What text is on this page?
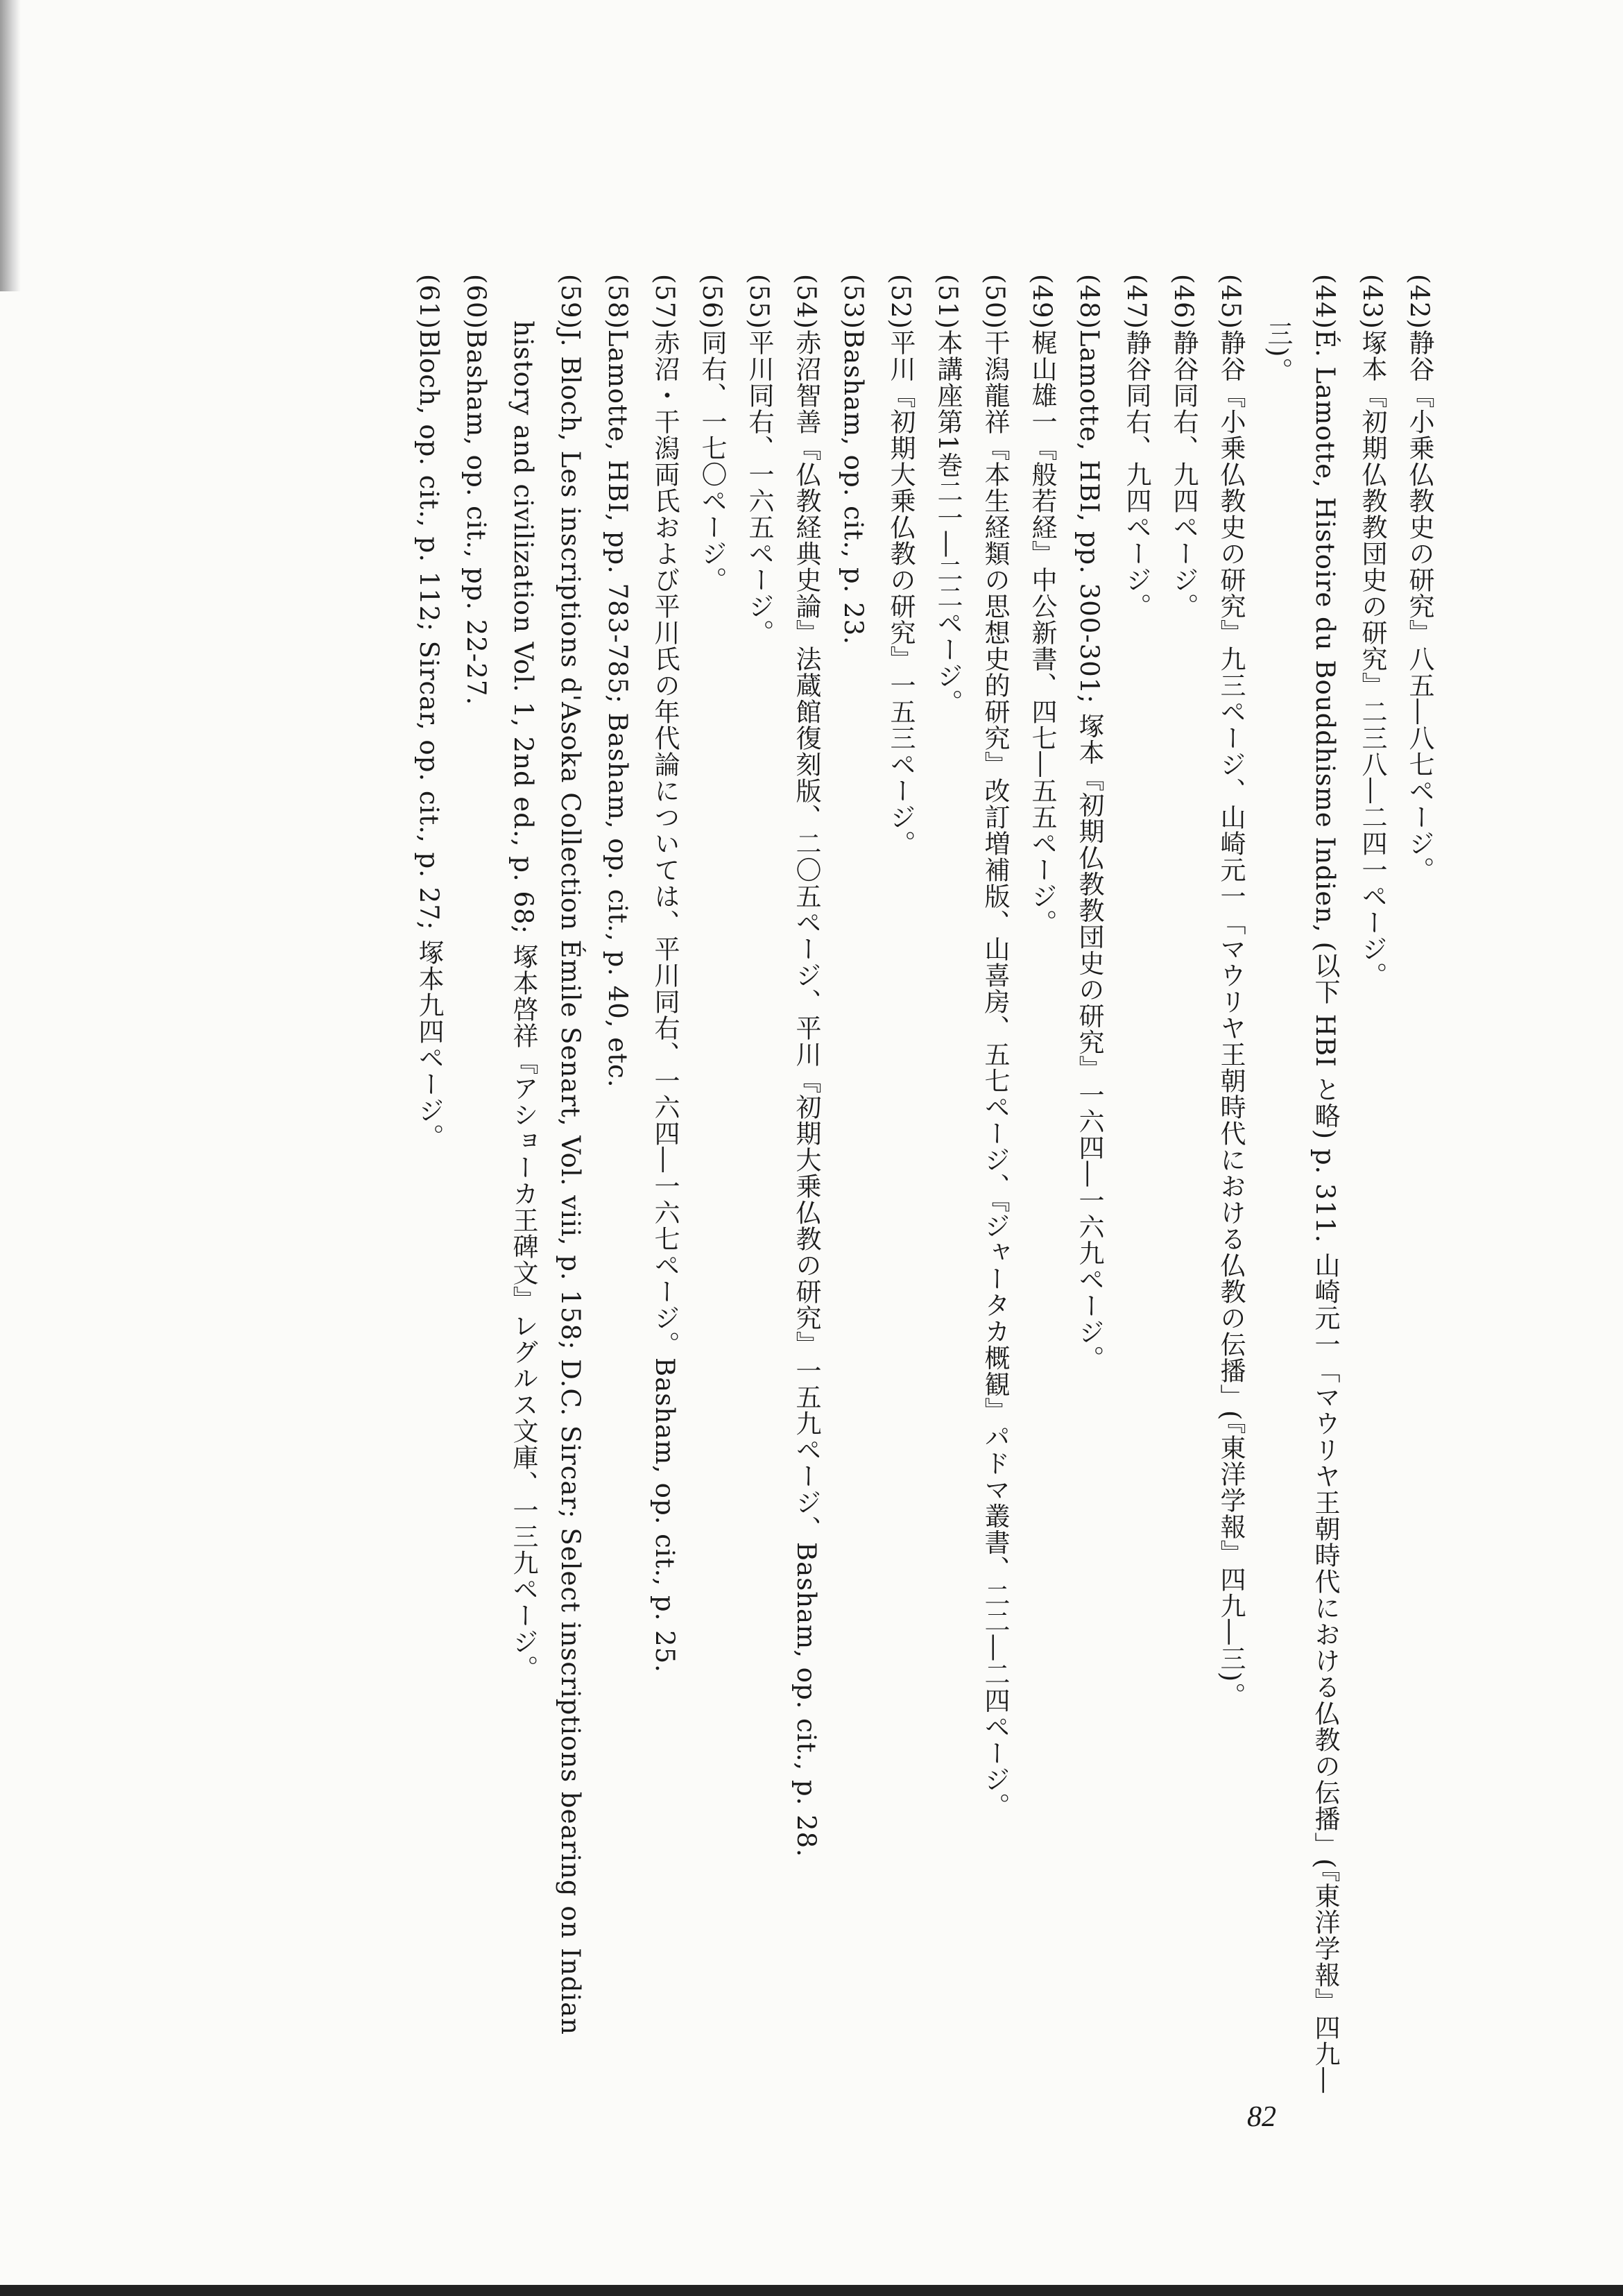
(42)静谷『小乗仏教史の研究』八五―八七ページ。
(43)塚本『初期仏教教団史の研究』二三八―二四一ページ。
(44)É. Lamotte, Histoire du Bouddhisme Indien, (以下 HBI と略) p. 311. 山崎元一「マウリヤ王朝時代における仏教の伝播」(『東洋学報』四九―三)。
(45)静谷『小乗仏教史の研究』九三ページ、山崎元一「マウリヤ王朝時代における仏教の伝播」(『東洋学報』四九―三)。
(46)静谷同右、九四ページ。
(47)静谷同右、九四ページ。
(48)Lamotte, HBI, pp. 300-301; 塚本『初期仏教教団史の研究』一六四―一六九ページ。
(49)梶山雄一『般若経』中公新書、四七―五五ページ。
(50)干潟龍祥『本生経類の思想史的研究』改訂増補版、山喜房、五七ページ、『ジャータカ概観』パドマ叢書、二二―二四ページ。
(51)本講座第1巻二一―二二ページ。
(52)平川『初期大乗仏教の研究』一五三ページ。
(53)Basham, op. cit., p. 23.
(54)赤沼智善『仏教経典史論』法蔵館復刻版、二〇五ページ、平川『初期大乗仏教の研究』一五九ページ、Basham, op. cit., p. 28.
(55)平川同右、一六五ページ。
(56)同右、一七〇ページ。
(57)赤沼・干潟両氏および平川氏の年代論については、平川同右、一六四―一六七ページ。Basham, op. cit., p. 25.
(58)Lamotte, HBI, pp. 783-785; Basham, op. cit., p. 40, etc.
(59)J. Bloch, Les inscriptions d'Asoka Collection Émile Senart, Vol. viii, p. 158; D.C. Sircar; Select inscriptions bearing on Indian history and civilization Vol. 1, 2nd ed., p. 68; 塚本啓祥『アショーカ王碑文』レグルス文庫、一三九ページ。
(60)Basham, op. cit., pp. 22-27.
(61)Bloch, op. cit., p. 112; Sircar, op. cit., p. 27; 塚本九四ページ。
82
